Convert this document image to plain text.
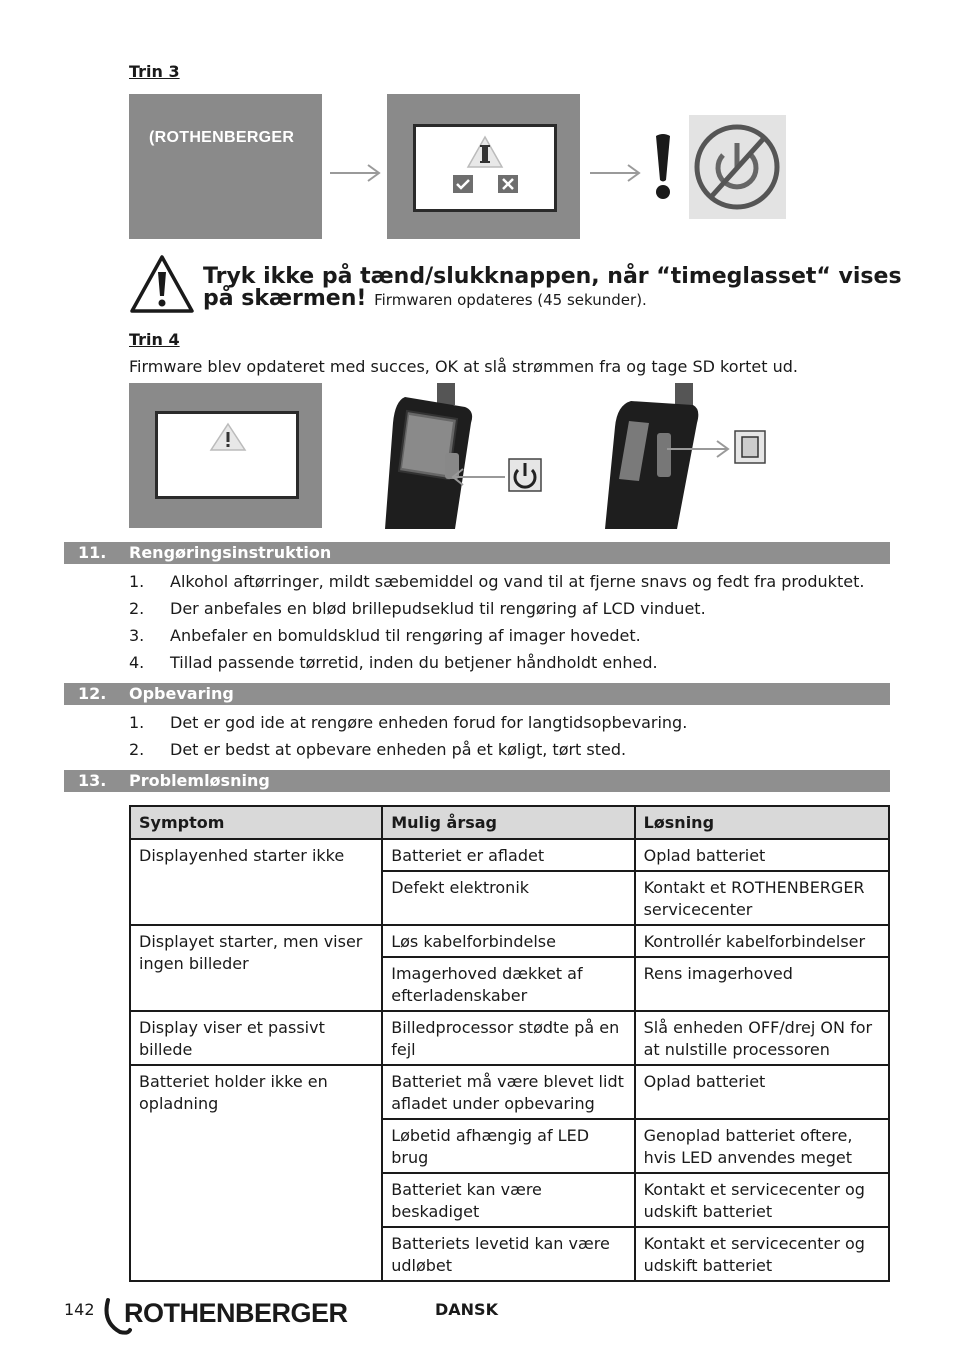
Trin 3
(ROTHENBERGER
Tryk ikke på tænd/slukknappen, når “timeglasset“ vises
på skærmen! Firmwaren opdateres (45 sekunder).
Trin 4
Firmware blev opdateret med succes, OK at slå strømmen fra og tage SD kortet ud.
11. Rengøringsinstruktion
1. Alkohol aftørringer, mildt sæbemiddel og vand til at fjerne snavs og fedt fra produktet.
2. Der anbefales en blød brillepudseklud til rengøring af LCD vinduet.
3. Anbefaler en bomuldsklud til rengøring af imager hovedet.
4. Tillad passende tørretid, inden du betjener håndholdt enhed.
12. Opbevaring
1. Det er god ide at rengøre enheden forud for langtidsopbevaring.
2. Det er bedst at opbevare enheden på et køligt, tørt sted.
13. Problemløsning
Symptom	Mulig årsag	Løsning
Displayenhed starter ikke	Batteriet er afladet	Oplad batteriet
	Defekt elektronik	Kontakt et ROTHENBERGER servicecenter
Displayet starter, men viser ingen billeder	Løs kabelforbindelse	Kontrollér kabelforbindelser
	Imagerhoved dækket af efterladenskaber	Rens imagerhoved
Display viser et passivt billede	Billedprocessor stødte på en fejl	Slå enheden OFF/drej ON for at nulstille processoren
Batteriet holder ikke en opladning	Batteriet må være blevet lidt afladet under opbevaring	Oplad batteriet
	Løbetid afhængig af LED brug	Genoplad batteriet oftere, hvis LED anvendes meget
	Batteriet kan være beskadiget	Kontakt et servicecenter og udskift batteriet
	Batteriets levetid kan være udløbet	Kontakt et servicecenter og udskift batteriet
142 ROTHENBERGER	DANSK
